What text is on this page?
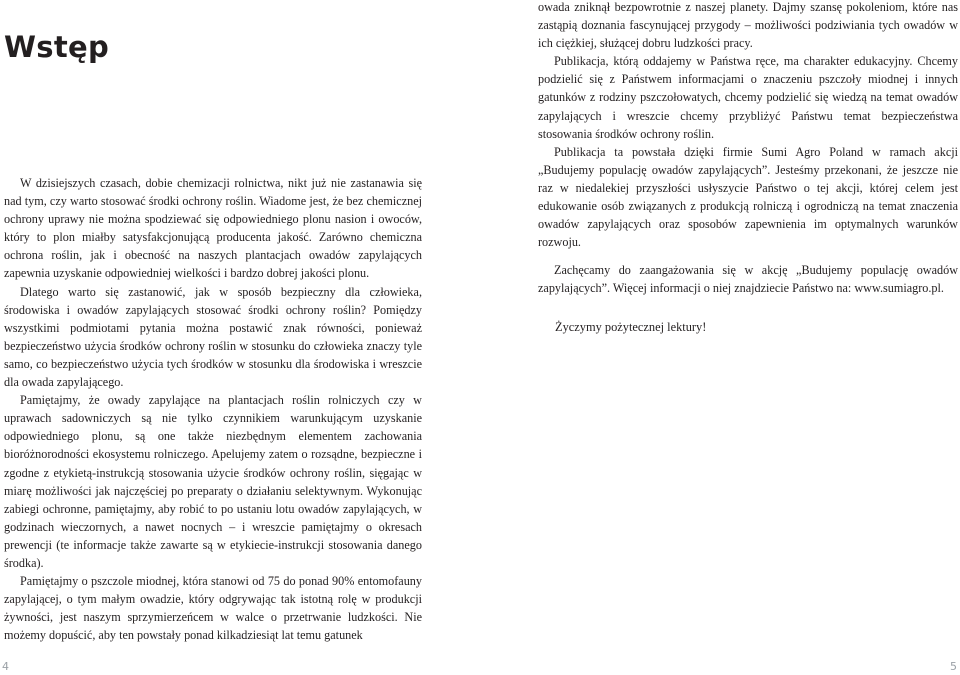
Wstęp

W dzisiejszych czasach, dobie chemizacji rolnictwa, nikt już nie zastanawia się nad tym, czy warto stosować środki ochrony roślin. Wiadome jest, że bez chemicznej ochrony uprawy nie można spodziewać się odpowiedniego plonu nasion i owoców, który to plon miałby satysfakcjonującą producenta jakość. Zarówno chemiczna ochrona roślin, jak i obecność na naszych plantacjach owadów zapylających zapewnia uzyskanie odpowiedniej wielkości i bardzo dobrej jakości plonu.

Dlatego warto się zastanowić, jak w sposób bezpieczny dla człowieka, środowiska i owadów zapylających stosować środki ochrony roślin? Pomiędzy wszystkimi podmiotami pytania można postawić znak równości, ponieważ bezpieczeństwo użycia środków ochrony roślin w stosunku do człowieka znaczy tyle samo, co bezpieczeństwo użycia tych środków w stosunku dla środowiska i wreszcie dla owada zapylającego.

Pamiętajmy, że owady zapylające na plantacjach roślin rolniczych czy w uprawach sadowniczych są nie tylko czynnikiem warunkującym uzyskanie odpowiedniego plonu, są one także niezbędnym elementem zachowania bioróżnorodności ekosystemu rolniczego. Apelujemy zatem o rozsądne, bezpieczne i zgodne z etykietą-instrukcją stosowania użycie środków ochrony roślin, sięgając w miarę możliwości jak najczęściej po preparaty o działaniu selektywnym. Wykonując zabiegi ochronne, pamiętajmy, aby robić to po ustaniu lotu owadów zapylających, w godzinach wieczornych, a nawet nocnych – i wreszcie pamiętajmy o okresach prewencji (te informacje także zawarte są w etykiecie-instrukcji stosowania danego środka).

Pamiętajmy o pszczole miodnej, która stanowi od 75 do ponad 90% entomofauny zapylającej, o tym małym owadzie, który odgrywając tak istotną rolę w produkcji żywności, jest naszym sprzymierzeńcem w walce o przetrwanie ludzkości. Nie możemy dopuścić, aby ten powstały ponad kilkadziesiąt lat temu gatunek

4	5

owada zniknął bezpowrotnie z naszej planety. Dajmy szansę pokoleniom, które nas zastąpią doznania fascynującej przygody – możliwości podziwiania tych owadów w ich ciężkiej, służącej dobru ludzkości pracy.

Publikacja, którą oddajemy w Państwa ręce, ma charakter edukacyjny. Chcemy podzielić się z Państwem informacjami o znaczeniu pszczoły miodnej i innych gatunków z rodziny pszczołowatych, chcemy podzielić się wiedzą na temat owadów zapylających i wreszcie chcemy przybliżyć Państwu temat bezpieczeństwa stosowania środków ochrony roślin.

Publikacja ta powstała dzięki firmie Sumi Agro Poland w ramach akcji „Budujemy populację owadów zapylających”. Jesteśmy przekonani, że jeszcze nie raz w niedalekiej przyszłości usłyszycie Państwo o tej akcji, której celem jest edukowanie osób związanych z produkcją rolniczą i ogrodniczą na temat znaczenia owadów zapylających oraz sposobów zapewnienia im optymalnych warunków rozwoju.

Zachęcamy do zaangażowania się w akcję „Budujemy populację owadów zapylających”. Więcej informacji o niej znajdziecie Państwo na: www.sumiagro.pl.

Życzymy pożytecznej lektury!
